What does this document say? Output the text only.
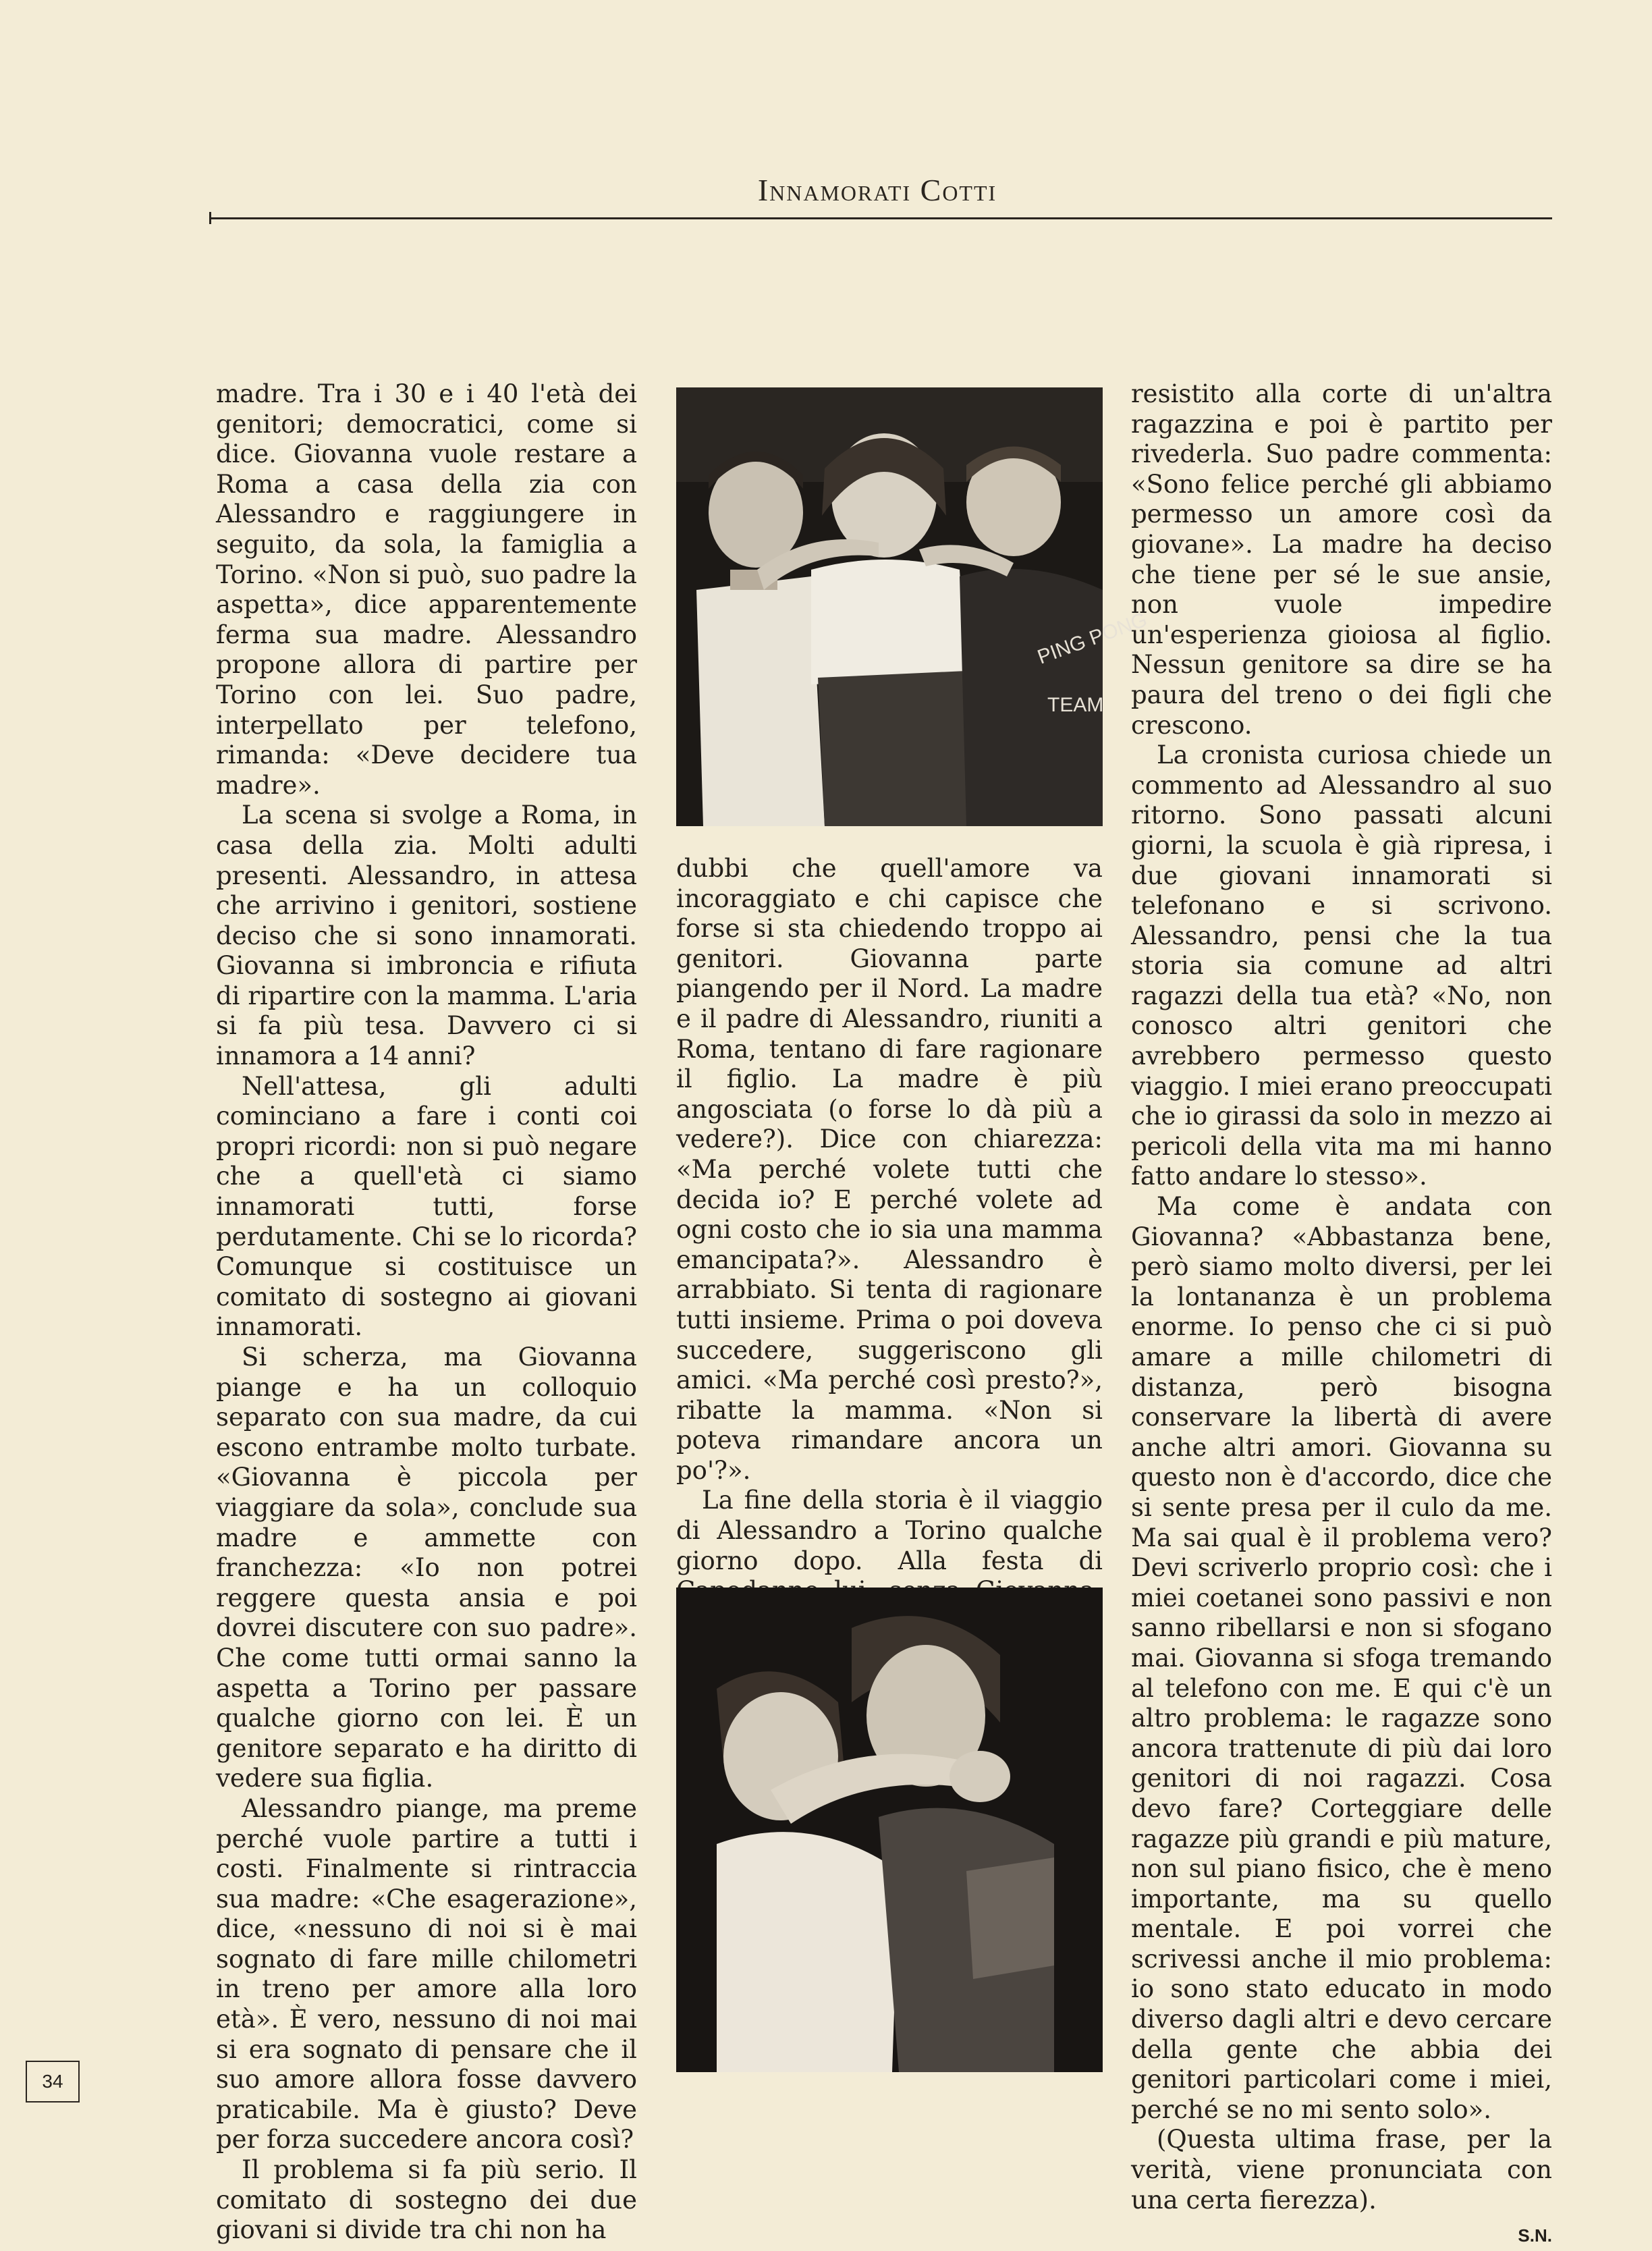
Innamorati Cotti

madre. Tra i 30 e i 40 l'età dei genitori; democratici, come si dice. Giovanna vuole restare a Roma a casa della zia con Alessandro e raggiungere in seguito, da sola, la famiglia a Torino. «Non si può, suo padre la aspetta», dice apparentemente ferma sua madre. Alessandro propone allora di partire per Torino con lei. Suo padre, interpellato per telefono, rimanda: «Deve decidere tua madre».

La scena si svolge a Roma, in casa della zia. Molti adulti presenti. Alessandro, in attesa che arrivino i genitori, sostiene deciso che si sono innamorati. Giovanna si imbroncia e rifiuta di ripartire con la mamma. L'aria si fa più tesa. Davvero ci si innamora a 14 anni?

Nell'attesa, gli adulti cominciano a fare i conti coi propri ricordi: non si può negare che a quell'età ci siamo innamorati tutti, forse perdutamente. Chi se lo ricorda? Comunque si costituisce un comitato di sostegno ai giovani innamorati.

Si scherza, ma Giovanna piange e ha un colloquio separato con sua madre, da cui escono entrambe molto turbate. «Giovanna è piccola per viaggiare da sola», conclude sua madre e ammette con franchezza: «Io non potrei reggere questa ansia e poi dovrei discutere con suo padre». Che come tutti ormai sanno la aspetta a Torino per passare qualche giorno con lei. È un genitore separato e ha diritto di vedere sua figlia.

Alessandro piange, ma preme perché vuole partire a tutti i costi. Finalmente si rintraccia sua madre: «Che esagerazione», dice, «nessuno di noi si è mai sognato di fare mille chilometri in treno per amore alla loro età». È vero, nessuno di noi mai si era sognato di pensare che il suo amore allora fosse davvero praticabile. Ma è giusto? Deve per forza succedere ancora così?

Il problema si fa più serio. Il comitato di sostegno dei due giovani si divide tra chi non ha

PING PONG
TEAM

dubbi che quell'amore va incoraggiato e chi capisce che forse si sta chiedendo troppo ai genitori. Giovanna parte piangendo per il Nord. La madre e il padre di Alessandro, riuniti a Roma, tentano di fare ragionare il figlio. La madre è più angosciata (o forse lo dà più a vedere?). Dice con chiarezza: «Ma perché volete tutti che decida io? E perché volete ad ogni costo che io sia una mamma emancipata?». Alessandro è arrabbiato. Si tenta di ragionare tutti insieme. Prima o poi doveva succedere, suggeriscono gli amici. «Ma perché così presto?», ribatte la mamma. «Non si poteva rimandare ancora un po'?».

La fine della storia è il viaggio di Alessandro a Torino qualche giorno dopo. Alla festa di

resistito alla corte di un'altra ragazzina e poi è partito per rivederla. Suo padre commenta: «Sono felice perché gli abbiamo permesso un amore così da giovane». La madre ha deciso che tiene per sé le sue ansie, non vuole impedire un'esperienza gioiosa al figlio. Nessun genitore sa dire se ha paura del treno o dei figli che crescono.

La cronista curiosa chiede un commento ad Alessandro al suo ritorno. Sono passati alcuni giorni, la scuola è già ripresa, i due giovani innamorati si telefonano e si scrivono. Alessandro, pensi che la tua storia sia comune ad altri ragazzi della tua età? «No, non conosco altri genitori che avrebbero permesso questo viaggio. I miei erano preoccupati che io girassi da solo in mezzo ai pericoli della vita ma mi hanno fatto andare lo stesso».

Ma come è andata con Giovanna? «Abbastanza bene, però siamo molto diversi, per lei la lontananza è un problema enorme. Io penso che ci si può amare a mille chilometri di distanza, però bisogna conservare la libertà di avere anche altri amori. Giovanna su questo non è d'accordo, dice che si sente presa per il culo da me. Ma sai qual è il problema vero? Devi scriverlo proprio così: che i miei coetanei sono passivi e non sanno ribellarsi e non si sfogano mai. Giovanna si sfoga tremando al telefono con me. E qui c'è un altro problema: le ragazze sono ancora trattenute di più dai loro genitori di noi ragazzi. Cosa devo fare? Corteggiare delle ragazze più grandi e più mature, non sul piano fisico, che è meno importante, ma su quello mentale. E poi vorrei che scrivessi anche il mio problema: io sono stato educato in modo diverso dagli altri e devo cercare della gente che abbia dei genitori particolari come i miei, perché se no mi sento solo».

(Questa ultima frase, per la verità, viene pronunciata con una certa fierezza).

S.N.
34
